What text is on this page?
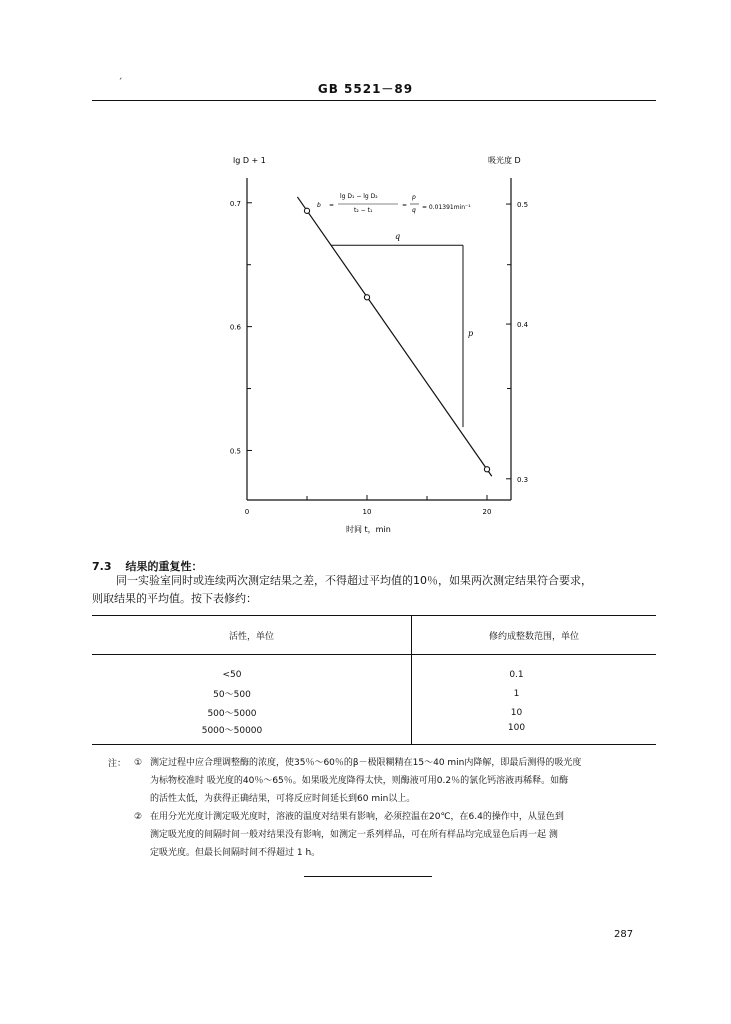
ˊ	GB 5521－89
0	10	20
0.5
0.6
0.7
0.3
0.4
0.5
lg D + 1	吸光度 D
时间 t，min
q
p
b =
lg D₁ − lg D₂
t₂ − t₁
=
p
q = 0.01391min⁻¹
7.3 结果的重复性：
同一实验室同时或连续两次测定结果之差，不得超过平均值的10％，如果两次测定结果符合要求，
则取结果的平均值。按下表修约：
活性，单位	修约成整数范围，单位

<50	0.1
50～500	1
500～5000	10
5000～50000	100
注： ① 测定过程中应合理调整酶的浓度，使35％～60％的β－极限糊精在15～40 min内降解，即最后测得的吸光度
为标物校准时 吸光度的40％～65％。如果吸光度降得太快，则酶液可用0.2％的氯化钙溶液再稀释。如酶
的活性太低，为获得正确结果，可将反应时间延长到60 min以上。
② 在用分光光度计测定吸光度时，溶液的温度对结果有影响，必须控温在20℃，在6.4的操作中，从显色到
测定吸光度的间隔时间一般对结果没有影响，如测定一系列样品，可在所有样品均完成显色后再一起 测
定吸光度。但最长间隔时间不得超过 1 h。
287
